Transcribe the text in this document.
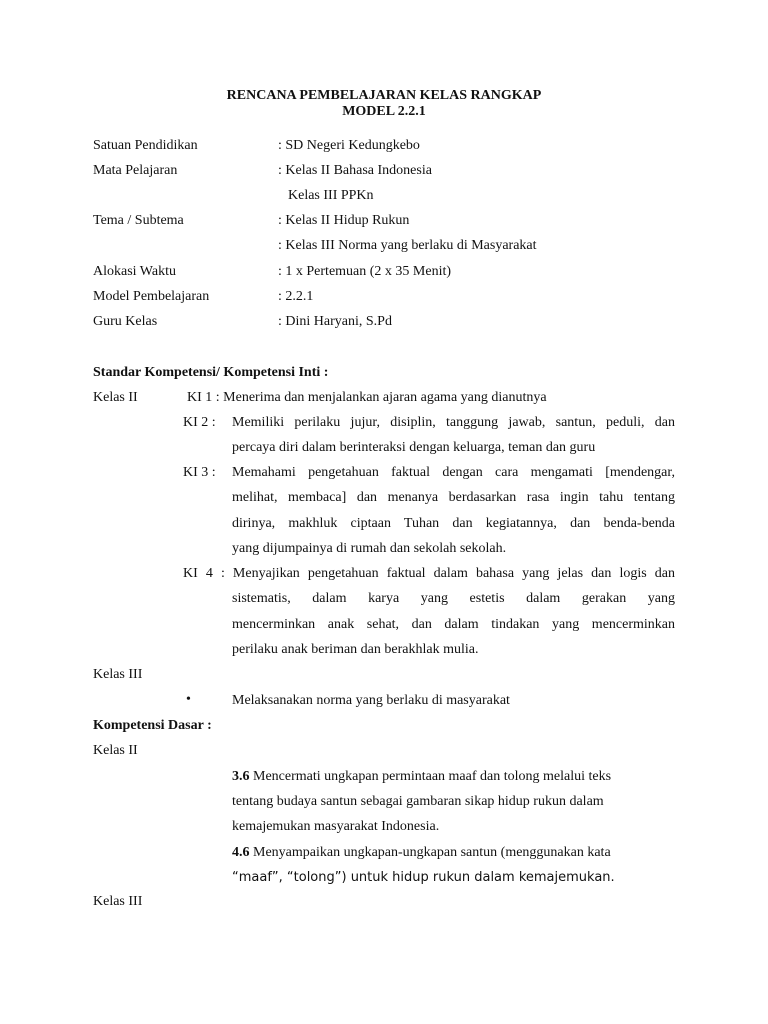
RENCANA PEMBELAJARAN KELAS RANGKAP
MODEL 2.2.1
Satuan Pendidikan	: SD Negeri Kedungkebo
Mata Pelajaran	: Kelas II Bahasa Indonesia
Kelas III PPKn
Tema / Subtema	: Kelas II Hidup Rukun
: Kelas III Norma yang berlaku di Masyarakat
Alokasi Waktu	: 1 x Pertemuan (2 x 35 Menit)
Model Pembelajaran	: 2.2.1
Guru Kelas	: Dini Haryani, S.Pd
Standar Kompetensi/ Kompetensi Inti :
Kelas II	KI 1 : Menerima dan menjalankan ajaran agama yang dianutnya
KI 2 : Memiliki perilaku jujur, disiplin, tanggung jawab, santun, peduli, dan
percaya diri dalam berinteraksi dengan keluarga, teman dan guru
KI 3 : Memahami pengetahuan faktual dengan cara mengamati [mendengar,
melihat, membaca] dan menanya berdasarkan rasa ingin tahu tentang
dirinya, makhluk ciptaan Tuhan dan kegiatannya, dan benda-benda
yang dijumpainya di rumah dan sekolah sekolah.
KI 4 : Menyajikan pengetahuan faktual dalam bahasa yang jelas dan logis dan
sistematis, dalam karya yang estetis dalam gerakan yang
mencerminkan anak sehat, dan dalam tindakan yang mencerminkan
perilaku anak beriman dan berakhlak mulia.
Kelas III
•	Melaksanakan norma yang berlaku di masyarakat
Kompetensi Dasar :
Kelas II
3.6 Mencermati ungkapan permintaan maaf dan tolong melalui teks
tentang budaya santun sebagai gambaran sikap hidup rukun dalam
kemajemukan masyarakat Indonesia.
4.6 Menyampaikan ungkapan-ungkapan santun (menggunakan kata
“maaf”, “tolong”) untuk hidup rukun dalam kemajemukan.
Kelas III
